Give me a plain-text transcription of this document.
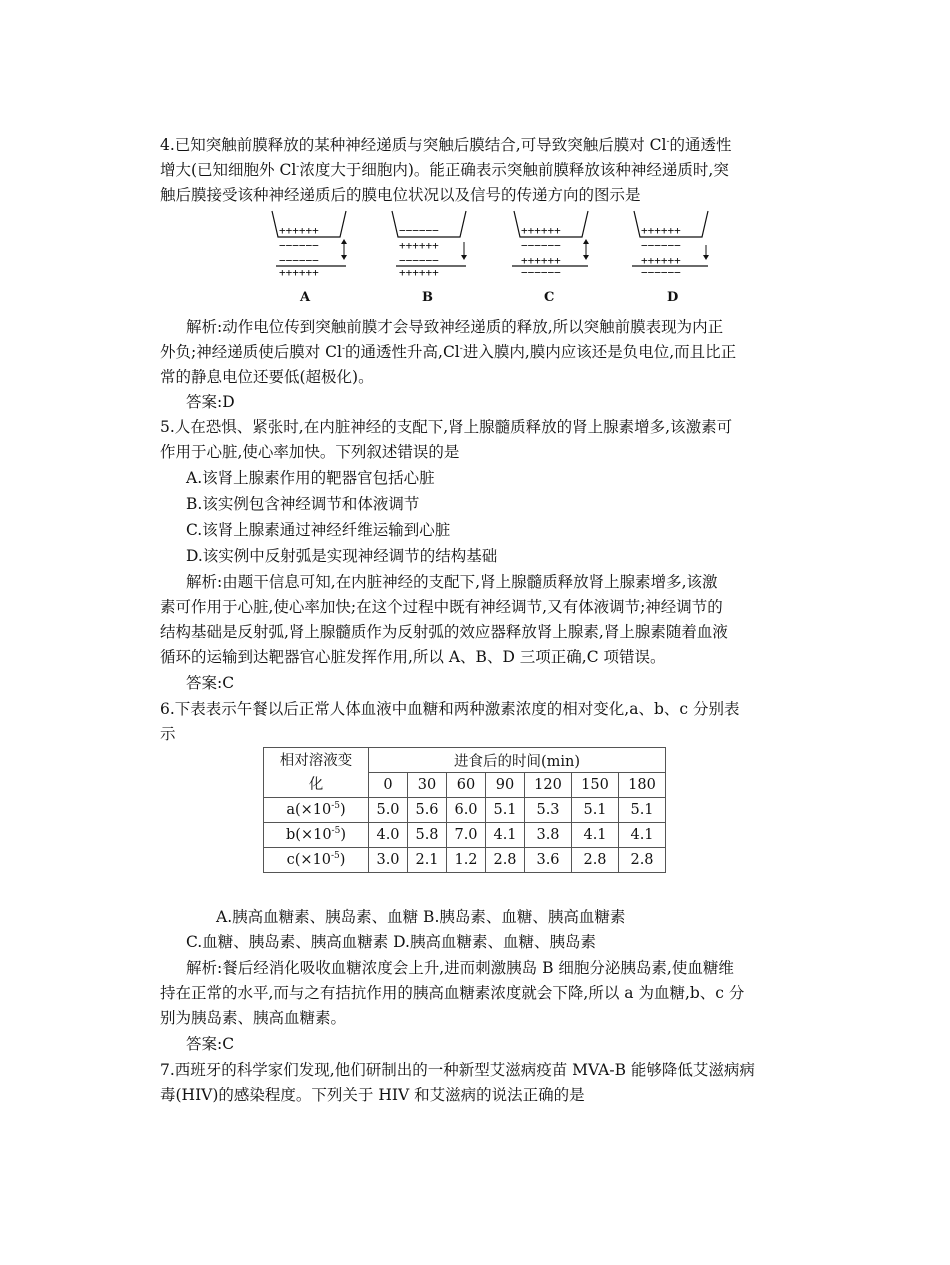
4.已知突触前膜释放的某种神经递质与突触后膜结合,可导致突触后膜对 Cl-的通透性
增大(已知细胞外 Cl-浓度大于细胞内)。能正确表示突触前膜释放该种神经递质时,突
触后膜接受该种神经递质后的膜电位状况以及信号的传递方向的图示是
++++++
−−−−−−
−−−−−−
++++++
A
−−−−−−
++++++
−−−−−−
++++++
B
++++++
−−−−−−
++++++
−−−−−−
C
++++++
−−−−−−
++++++
−−−−−−
D
解析:动作电位传到突触前膜才会导致神经递质的释放,所以突触前膜表现为内正
外负;神经递质使后膜对 Cl-的通透性升高,Cl-进入膜内,膜内应该还是负电位,而且比正
常的静息电位还要低(超极化)。
答案:D
5.人在恐惧、紧张时,在内脏神经的支配下,肾上腺髓质释放的肾上腺素增多,该激素可
作用于心脏,使心率加快。下列叙述错误的是
A.该肾上腺素作用的靶器官包括心脏
B.该实例包含神经调节和体液调节
C.该肾上腺素通过神经纤维运输到心脏
D.该实例中反射弧是实现神经调节的结构基础
解析:由题干信息可知,在内脏神经的支配下,肾上腺髓质释放肾上腺素增多,该激
素可作用于心脏,使心率加快;在这个过程中既有神经调节,又有体液调节;神经调节的
结构基础是反射弧,肾上腺髓质作为反射弧的效应器释放肾上腺素,肾上腺素随着血液
循环的运输到达靶器官心脏发挥作用,所以 A、B、D 三项正确,C 项错误。
答案:C
6.下表表示午餐以后正常人体血液中血糖和两种激素浓度的相对变化,a、b、c 分别表
示
相对溶液变
化	进食后的时间(min)						
	0	30	60	90	120	150	180
$a(\times 10^{-5})$	5.0	5.6	6.0	5.1	5.3	5.1	5.1
$b(\times 10^{-5})$	4.0	5.8	7.0	4.1	3.8	4.1	4.1
$c(\times 10^{-5})$	3.0	2.1	1.2	2.8	3.6	2.8	2.8
A.胰高血糖素、胰岛素、血糖 B.胰岛素、血糖、胰高血糖素
C.血糖、胰岛素、胰高血糖素 D.胰高血糖素、血糖、胰岛素
解析:餐后经消化吸收血糖浓度会上升,进而刺激胰岛 B 细胞分泌胰岛素,使血糖维
持在正常的水平,而与之有拮抗作用的胰高血糖素浓度就会下降,所以 a 为血糖,b、c 分
别为胰岛素、胰高血糖素。
答案:C
7.西班牙的科学家们发现,他们研制出的一种新型艾滋病疫苗 MVA-B 能够降低艾滋病病
毒(HIV)的感染程度。下列关于 HIV 和艾滋病的说法正确的是
